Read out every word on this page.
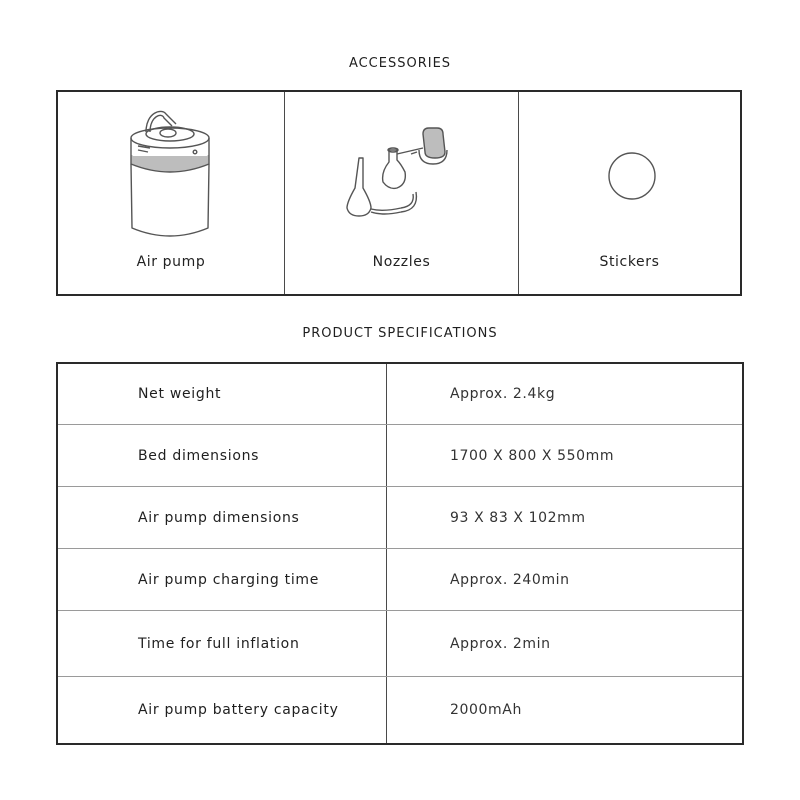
ACCESSORIES
Air pump	Nozzles	Stickers
PRODUCT SPECIFICATIONS
Net weight	Approx. 2.4kg
Bed dimensions	1700 X 800 X 550mm
Air pump dimensions	93 X 83 X 102mm
Air pump charging time	Approx. 240min
Time for full inflation	Approx. 2min
Air pump battery capacity	2000mAh
